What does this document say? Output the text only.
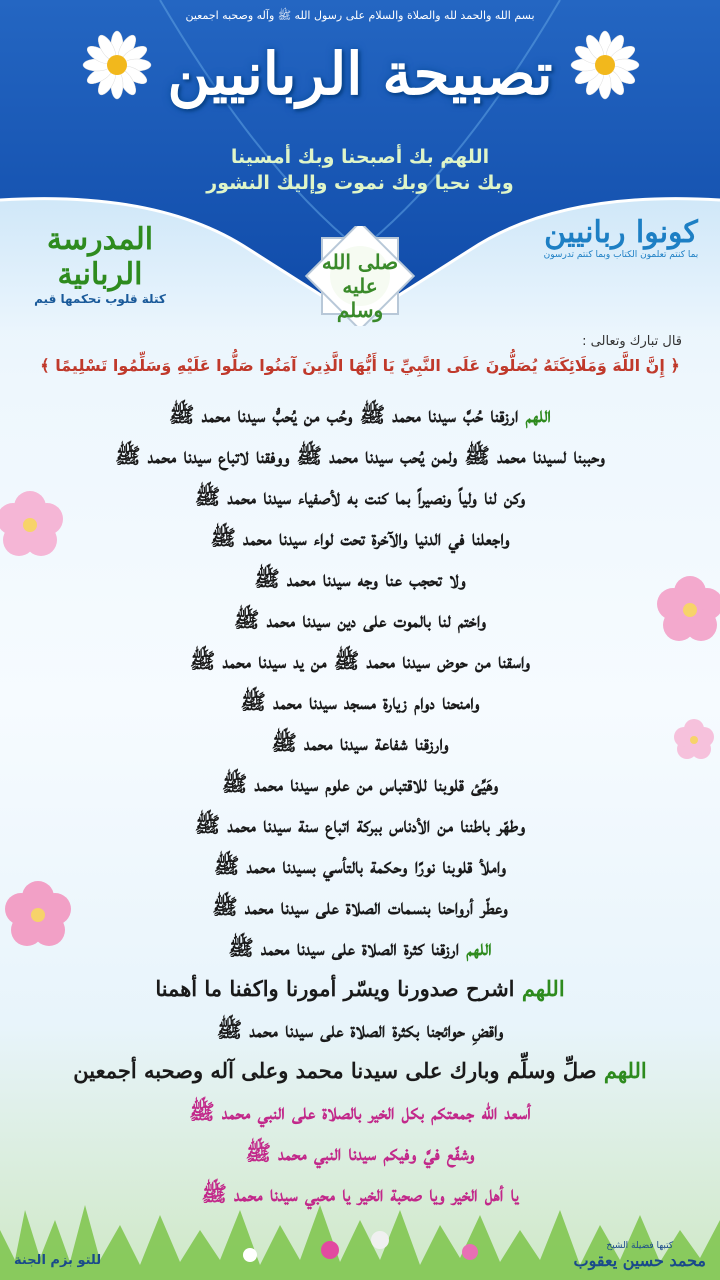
بسم الله والحمد لله والصلاة والسلام على رسول الله ﷺ وآله وصحبه اجمعين
تصبيحة الربانيين
اللهم بك أصبحنا وبك أمسينا
وبك نحيا وبك نموت وإليك النشور
المدرسة الربانية
كتلة قلوب تحكمها قيم
كونوا ربانيين
بما كنتم تعلمون الكتاب وبما كنتم تدرسون
صلى الله
عليه
وسلم
قال تبارك وتعالى :
﴿ إِنَّ اللَّهَ وَمَلَائِكَتَهُ يُصَلُّونَ عَلَى النَّبِيِّ يَا أَيُّهَا الَّذِينَ آمَنُوا صَلُّوا عَلَيْهِ وَسَلِّمُوا تَسْلِيمًا ﴾
اللهم ارزقنا حُبَّ سيدنا محمد ﷺ وحُب من يُحبُّ سيدنا محمد ﷺ
وحببنا لسيدنا محمد ﷺ ولمن يُحب سيدنا محمد ﷺ ووفقنا لاتباع سيدنا محمد ﷺ
وكن لنا ولياً ونصيراً بما كنت به لأصفياء سيدنا محمد ﷺ
واجعلنا في الدنيا والآخرة تحت لواء سيدنا محمد ﷺ
ولا تحجب عنا وجه سيدنا محمد ﷺ
واختم لنا بالموت على دين سيدنا محمد ﷺ
واسقنا من حوض سيدنا محمد ﷺ من يد سيدنا محمد ﷺ
وامنحنا دوام زيارة مسجد سيدنا محمد ﷺ
وارزقنا شفاعة سيدنا محمد ﷺ
وهَيِّئ قلوبنا للاقتباس من علوم سيدنا محمد ﷺ
وطهّر باطننا من الأدناس ببركة اتباع سنة سيدنا محمد ﷺ
واملأ قلوبنا نورًا وحكمة بالتأسي بسيدنا محمد ﷺ
وعطّر أرواحنا بنسمات الصلاة على سيدنا محمد ﷺ
اللهم ارزقنا كثرة الصلاة على سيدنا محمد ﷺ
اللهم اشرح صدورنا ويسّر أمورنا واكفنا ما أهمنا
واقضِ حوائجنا بكثرة الصلاة على سيدنا محمد ﷺ
اللهم صلِّ وسلِّم وبارك على سيدنا محمد وعلى آله وصحبه أجمعين
أسعد الله جمعتكم بكل الخير بالصلاة على النبي محمد ﷺ
وشفّع فيَّ وفيكم سيدنا النبي محمد ﷺ
يا أهل الخير ويا صحبة الخير يا محبي سيدنا محمد ﷺ
للتو بزم الجنة
كتبها فضيلة الشيخ
محمد حسين يعقوب
